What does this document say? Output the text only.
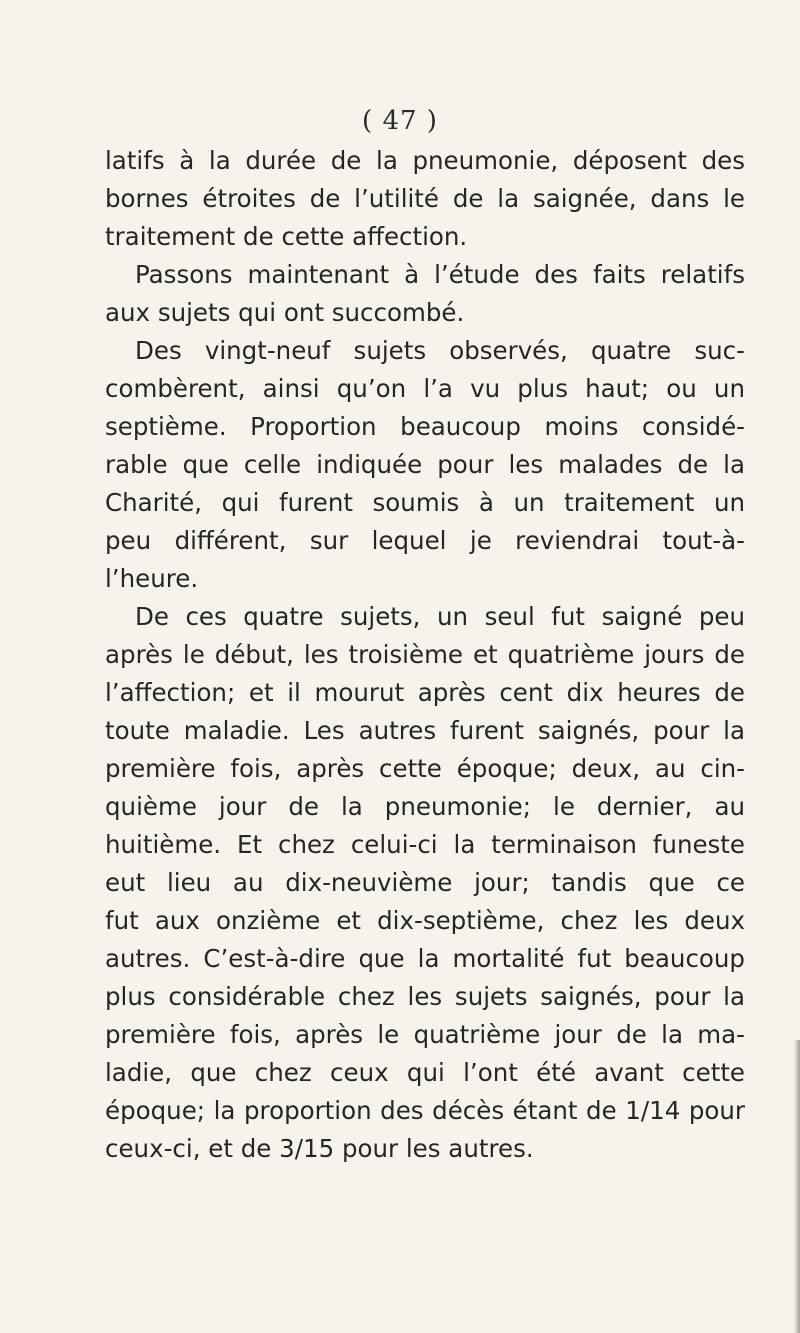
( 47 )
latifs à la durée de la pneumonie, déposent des
bornes étroites de l’utilité de la saignée, dans le
traitement de cette affection.
Passons maintenant à l’étude des faits relatifs
aux sujets qui ont succombé.
Des vingt-neuf sujets observés, quatre suc-
combèrent, ainsi qu’on l’a vu plus haut; ou un
septième. Proportion beaucoup moins considé-
rable que celle indiquée pour les malades de la
Charité, qui furent soumis à un traitement un
peu différent, sur lequel je reviendrai tout-à-
l’heure.
De ces quatre sujets, un seul fut saigné peu
après le début, les troisième et quatrième jours de
l’affection; et il mourut après cent dix heures de
toute maladie. Les autres furent saignés, pour la
première fois, après cette époque; deux, au cin-
quième jour de la pneumonie; le dernier, au
huitième. Et chez celui-ci la terminaison funeste
eut lieu au dix-neuvième jour; tandis que ce
fut aux onzième et dix-septième, chez les deux
autres. C’est-à-dire que la mortalité fut beaucoup
plus considérable chez les sujets saignés, pour la
première fois, après le quatrième jour de la ma-
ladie, que chez ceux qui l’ont été avant cette
époque; la proportion des décès étant de 1/14 pour
ceux-ci, et de 3/15 pour les autres.
